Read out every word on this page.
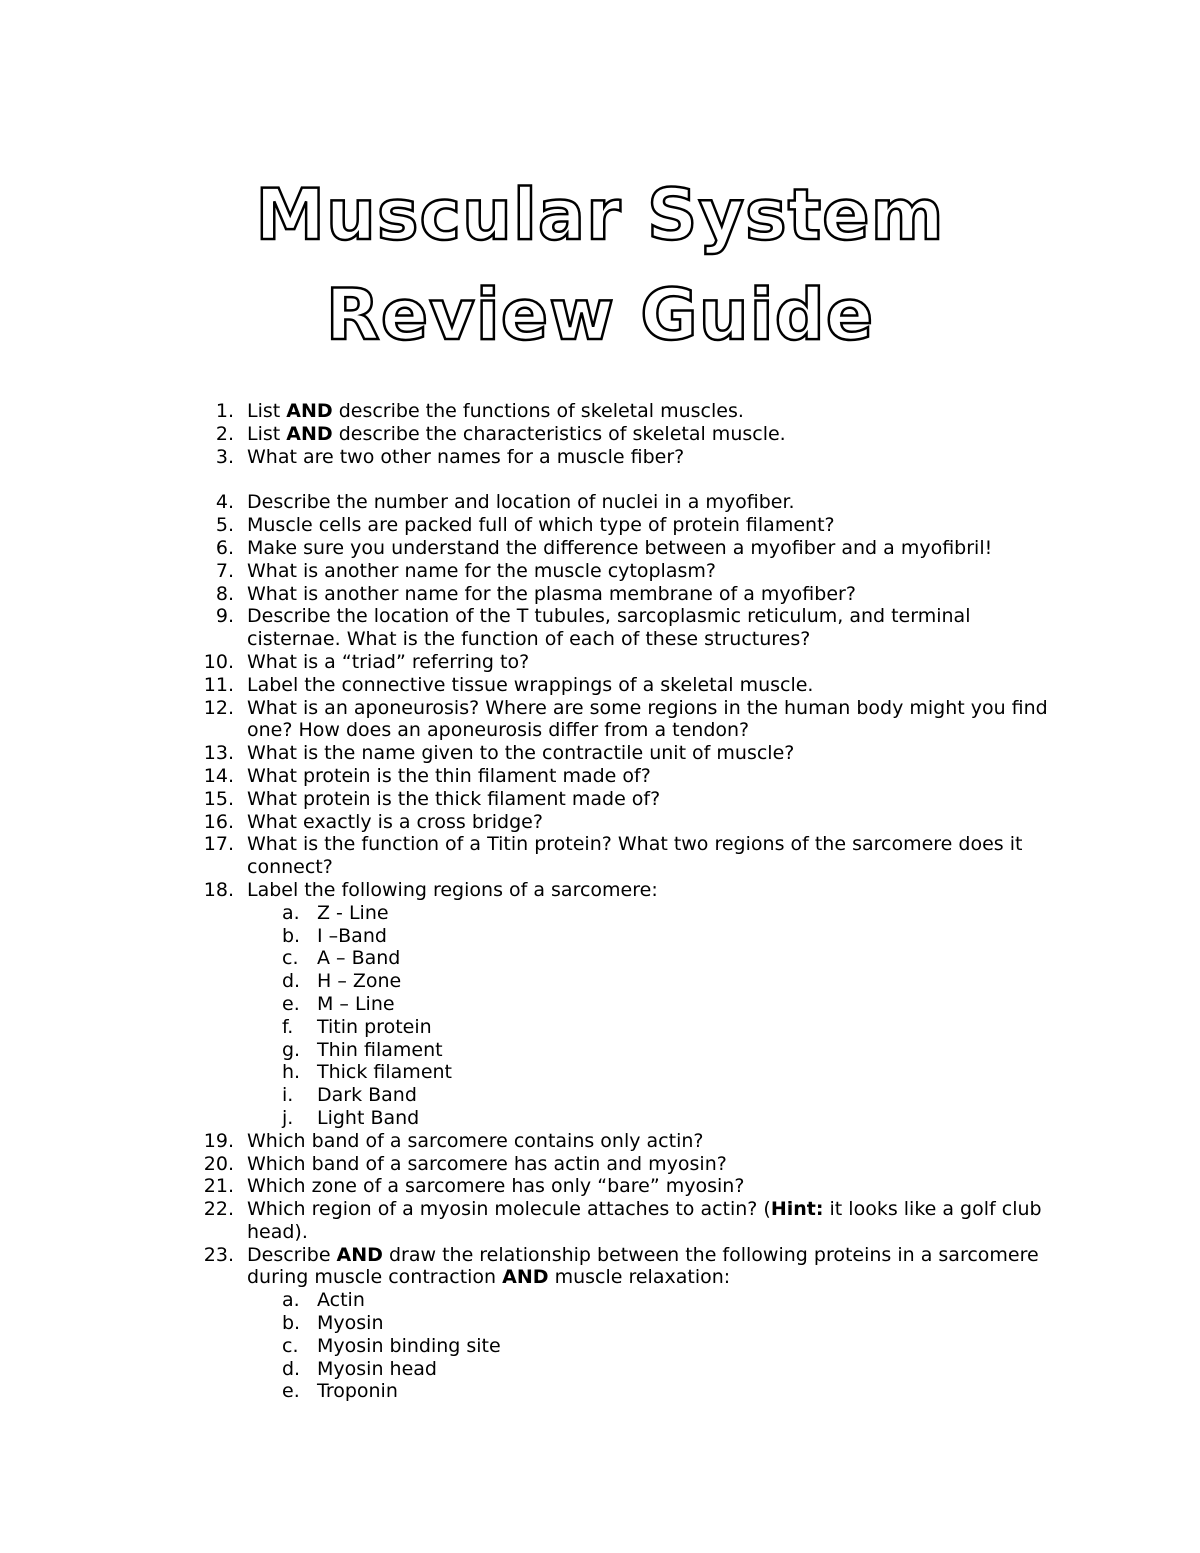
Muscular System
Review Guide
1. List AND describe the functions of skeletal muscles.
2. List AND describe the characteristics of skeletal muscle.
3. What are two other names for a muscle fiber?
4. Describe the number and location of nuclei in a myofiber.
5. Muscle cells are packed full of which type of protein filament?
6. Make sure you understand the difference between a myofiber and a myofibril!
7. What is another name for the muscle cytoplasm?
8. What is another name for the plasma membrane of a myofiber?
9. Describe the location of the T tubules, sarcoplasmic reticulum, and terminal cisternae. What is the function of each of these structures?
10. What is a “triad” referring to?
11. Label the connective tissue wrappings of a skeletal muscle.
12. What is an aponeurosis? Where are some regions in the human body might you find one? How does an aponeurosis differ from a tendon?
13. What is the name given to the contractile unit of muscle?
14. What protein is the thin filament made of?
15. What protein is the thick filament made of?
16. What exactly is a cross bridge?
17. What is the function of a Titin protein? What two regions of the sarcomere does it connect?
18. Label the following regions of a sarcomere:
a. Z - Line
b. I –Band
c. A – Band
d. H – Zone
e. M – Line
f.	Titin protein
g. Thin filament
h. Thick filament
i.	Dark Band
j.	Light Band
19. Which band of a sarcomere contains only actin?
20. Which band of a sarcomere has actin and myosin?
21. Which zone of a sarcomere has only “bare” myosin?
22. Which region of a myosin molecule attaches to actin? (Hint: it looks like a golf club head).
23. Describe AND draw the relationship between the following proteins in a sarcomere during muscle contraction AND muscle relaxation:
a. Actin
b. Myosin
c. Myosin binding site
d. Myosin head
e. Troponin
